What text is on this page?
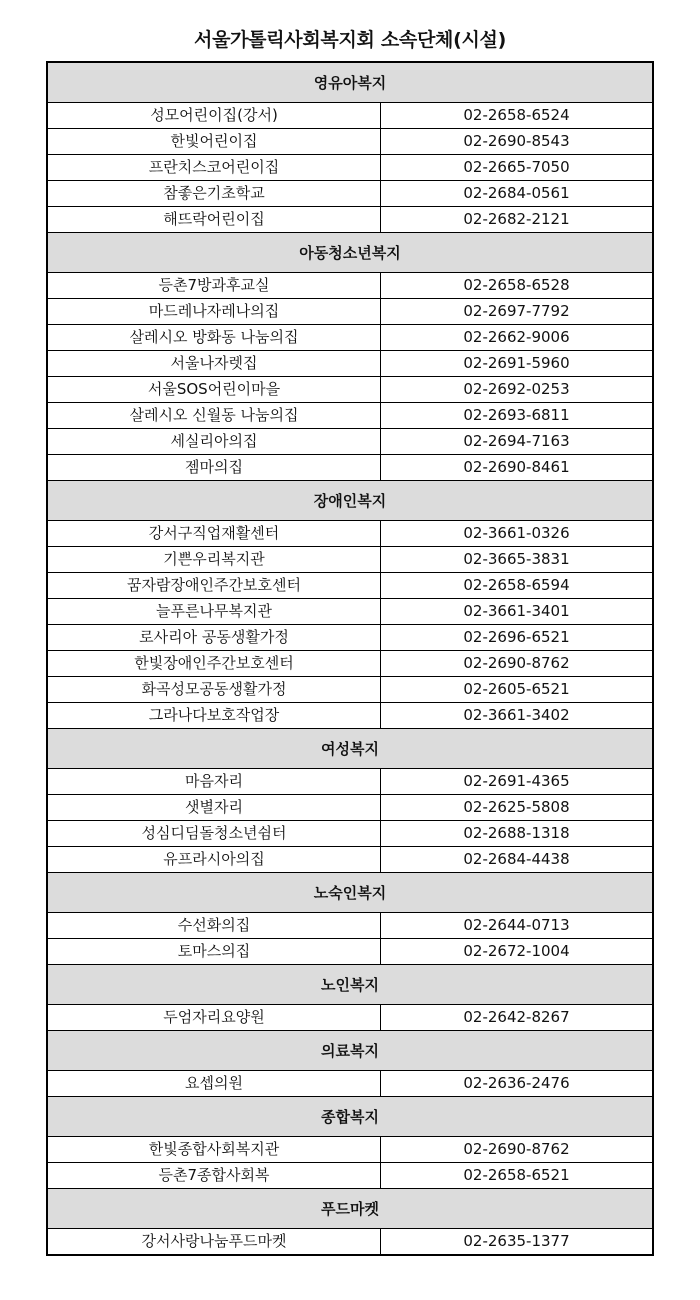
서울가톨릭사회복지회 소속단체(시설)
영유아복지
성모어린이집(강서)	02-2658-6524
한빛어린이집	02-2690-8543
프란치스코어린이집	02-2665-7050
참좋은기초학교	02-2684-0561
해뜨락어린이집	02-2682-2121
아동청소년복지
등촌7방과후교실	02-2658-6528
마드레나자레나의집	02-2697-7792
살레시오 방화동 나눔의집	02-2662-9006
서울나자렛집	02-2691-5960
서울SOS어린이마을	02-2692-0253
살레시오 신월동 나눔의집	02-2693-6811
세실리아의집	02-2694-7163
젬마의집	02-2690-8461
장애인복지
강서구직업재활센터	02-3661-0326
기쁜우리복지관	02-3665-3831
꿈자람장애인주간보호센터	02-2658-6594
늘푸른나무복지관	02-3661-3401
로사리아 공동생활가정	02-2696-6521
한빛장애인주간보호센터	02-2690-8762
화곡성모공동생활가정	02-2605-6521
그라나다보호작업장	02-3661-3402
여성복지
마음자리	02-2691-4365
샛별자리	02-2625-5808
성심디딤돌청소년쉼터	02-2688-1318
유프라시아의집	02-2684-4438
노숙인복지
수선화의집	02-2644-0713
토마스의집	02-2672-1004
노인복지
두엄자리요양원	02-2642-8267
의료복지
요셉의원	02-2636-2476
종합복지
한빛종합사회복지관	02-2690-8762
등촌7종합사회복	02-2658-6521
푸드마켓
강서사랑나눔푸드마켓	02-2635-1377
